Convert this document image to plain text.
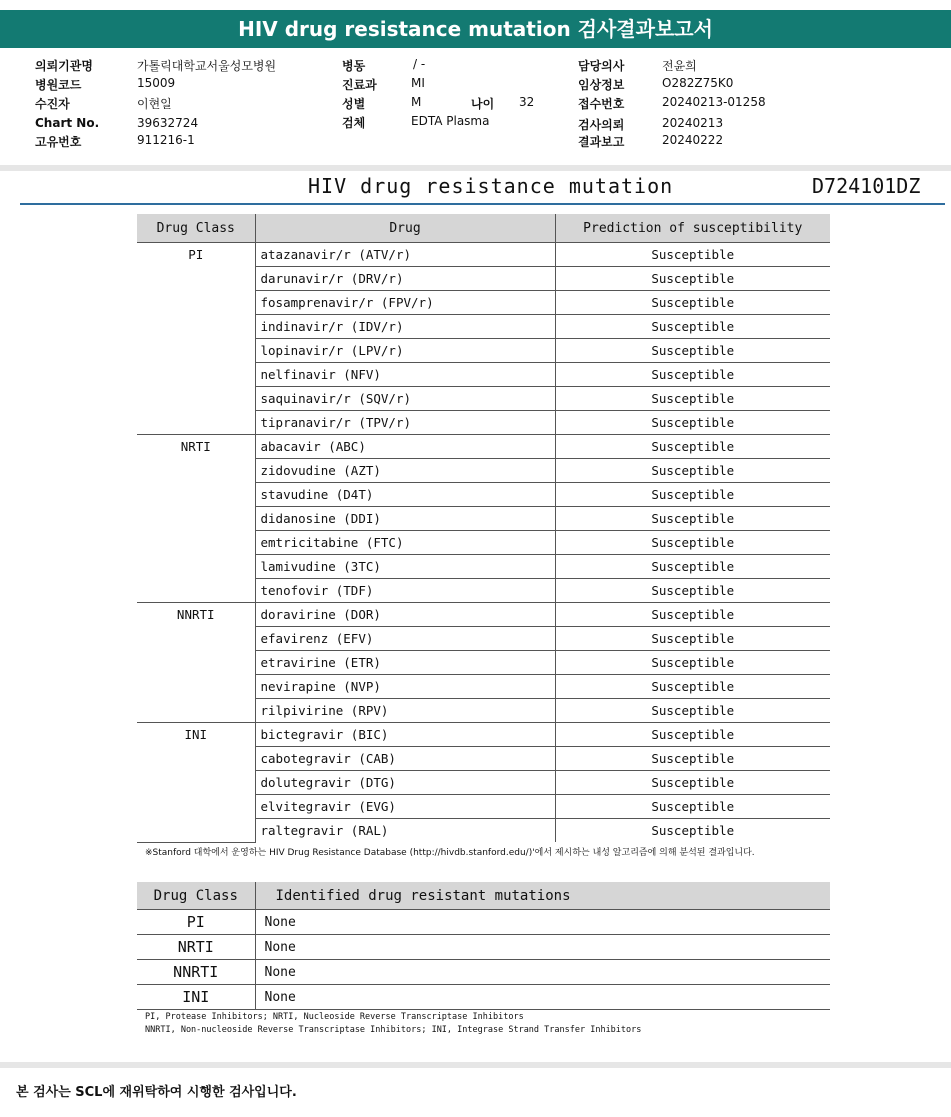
HIV drug resistance mutation 검사결과보고서
의뢰기관명	가톨릭대학교서울성모병원
병원코드	15009
수진자	이현일
Chart No.	39632724
고유번호	911216-1
병동	/ -
진료과	MI
성별	M	나이 32
검체	EDTA Plasma
담당의사	전윤희
임상정보	O282Z75K0
접수번호	20240213-01258
검사의뢰	20240213
결과보고	20240222
HIV drug resistance mutation	D724101DZ
Drug Class	Drug	Prediction of susceptibility
PI	atazanavir/r (ATV/r)	Susceptible
	darunavir/r (DRV/r)	Susceptible
	fosamprenavir/r (FPV/r)	Susceptible
	indinavir/r (IDV/r)	Susceptible
	lopinavir/r (LPV/r)	Susceptible
	nelfinavir (NFV)	Susceptible
	saquinavir/r (SQV/r)	Susceptible
	tipranavir/r (TPV/r)	Susceptible
NRTI	abacavir (ABC)	Susceptible
	zidovudine (AZT)	Susceptible
	stavudine (D4T)	Susceptible
	didanosine (DDI)	Susceptible
	emtricitabine (FTC)	Susceptible
	lamivudine (3TC)	Susceptible
	tenofovir (TDF)	Susceptible
NNRTI	doravirine (DOR)	Susceptible
	efavirenz (EFV)	Susceptible
	etravirine (ETR)	Susceptible
	nevirapine (NVP)	Susceptible
	rilpivirine (RPV)	Susceptible
INI	bictegravir (BIC)	Susceptible
	cabotegravir (CAB)	Susceptible
	dolutegravir (DTG)	Susceptible
	elvitegravir (EVG)	Susceptible
	raltegravir (RAL)	Susceptible
※Stanford 대학에서 운영하는 HIV Drug Resistance Database (http://hivdb.stanford.edu/)'에서 제시하는 내성 알고리즘에 의해 분석된 결과입니다.
Drug Class	Identified drug resistant mutations
PI	None
NRTI	None
NNRTI	None
INI	None
PI, Protease Inhibitors; NRTI, Nucleoside Reverse Transcriptase Inhibitors
NNRTI, Non-nucleoside Reverse Transcriptase Inhibitors; INI, Integrase Strand Transfer Inhibitors
본 검사는 SCL에 재위탁하여 시행한 검사입니다.
